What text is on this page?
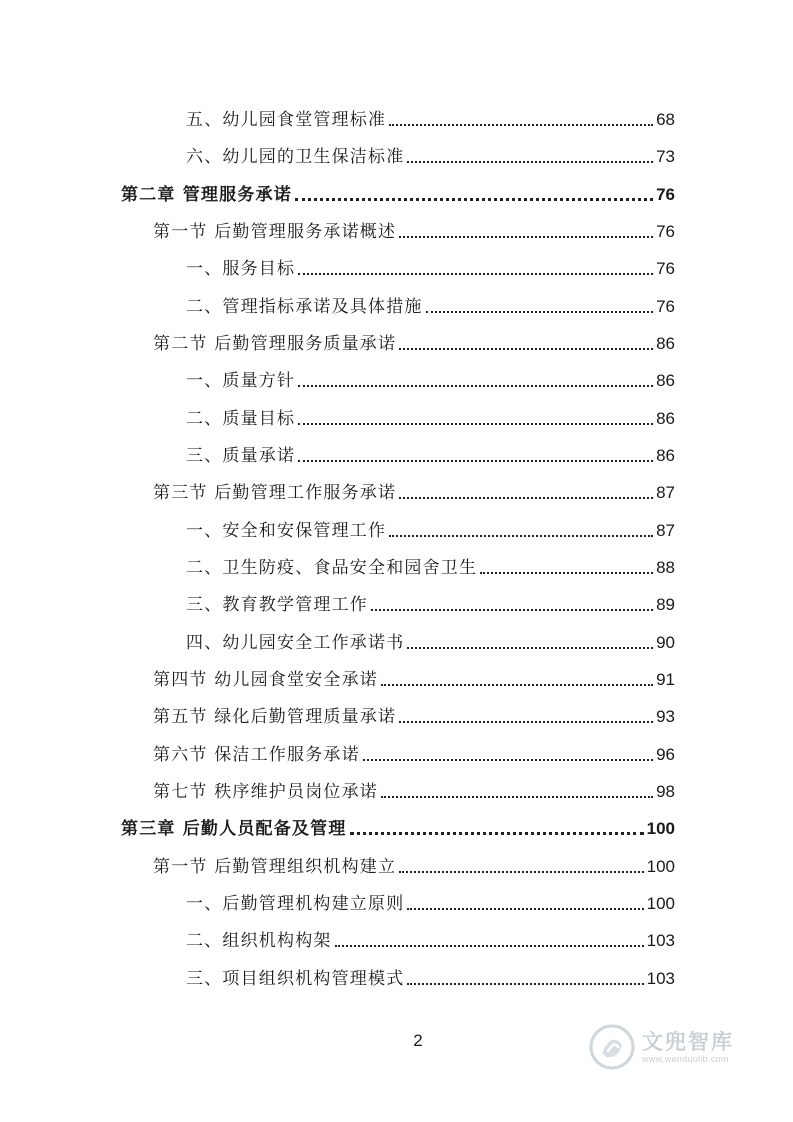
五、幼儿园食堂管理标准	68
六、幼儿园的卫生保洁标准	73
第二章 管理服务承诺	76
第一节 后勤管理服务承诺概述	76
一、服务目标	76
二、管理指标承诺及具体措施	76
第二节 后勤管理服务质量承诺	86
一、质量方针	86
二、质量目标	86
三、质量承诺	86
第三节 后勤管理工作服务承诺	87
一、安全和安保管理工作	87
二、卫生防疫、食品安全和园舍卫生	88
三、教育教学管理工作	89
四、幼儿园安全工作承诺书	90
第四节 幼儿园食堂安全承诺	91
第五节 绿化后勤管理质量承诺	93
第六节 保洁工作服务承诺	96
第七节 秩序维护员岗位承诺	98
第三章 后勤人员配备及管理	100
第一节 后勤管理组织机构建立	100
一、后勤管理机构建立原则	100
二、组织机构构架	103
三、项目组织机构管理模式	103
2	文兜智库
www.wenduolib.com
